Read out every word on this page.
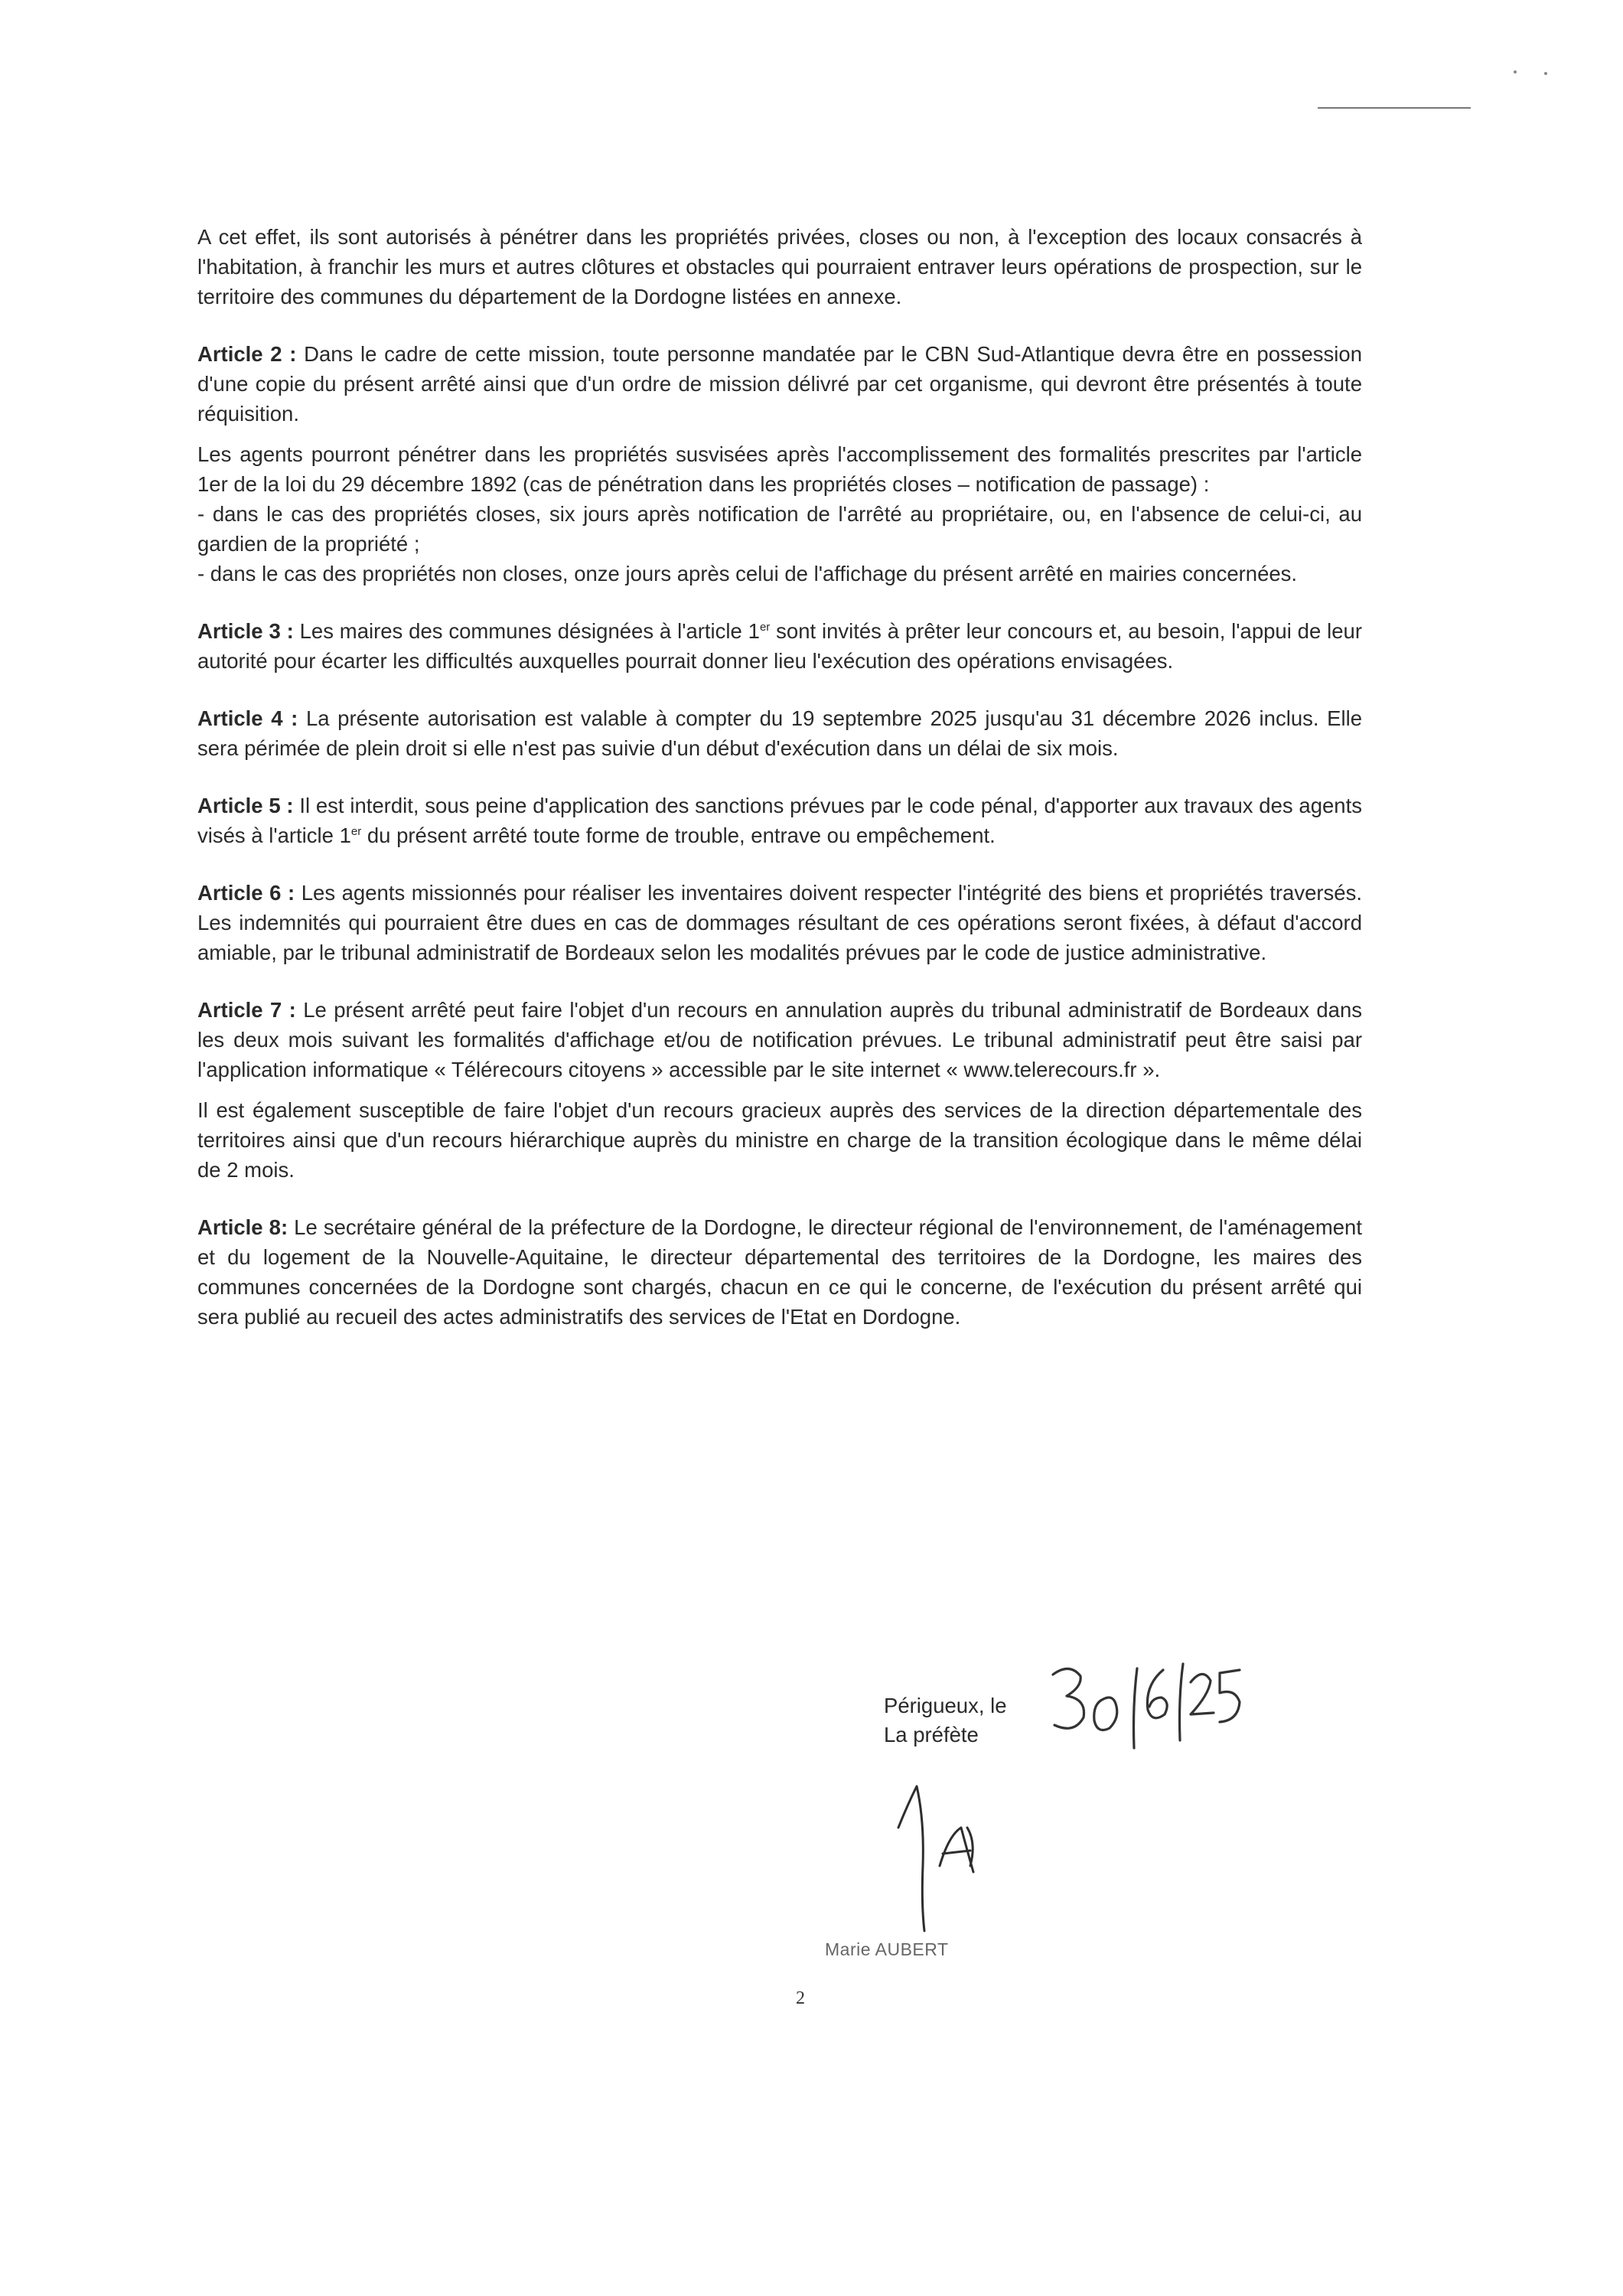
A cet effet, ils sont autorisés à pénétrer dans les propriétés privées, closes ou non, à l'exception des locaux consacrés à l'habitation, à franchir les murs et autres clôtures et obstacles qui pourraient entraver leurs opérations de prospection, sur le territoire des communes du département de la Dordogne listées en annexe.

Article 2 : Dans le cadre de cette mission, toute personne mandatée par le CBN Sud-Atlantique devra être en possession d'une copie du présent arrêté ainsi que d'un ordre de mission délivré par cet organisme, qui devront être présentés à toute réquisition.

Les agents pourront pénétrer dans les propriétés susvisées après l'accomplissement des formalités prescrites par l'article 1er de la loi du 29 décembre 1892 (cas de pénétration dans les propriétés closes – notification de passage) :

- dans le cas des propriétés closes, six jours après notification de l'arrêté au propriétaire, ou, en l'absence de celui-ci, au gardien de la propriété ;

- dans le cas des propriétés non closes, onze jours après celui de l'affichage du présent arrêté en mairies concernées.

Article 3 : Les maires des communes désignées à l'article 1er sont invités à prêter leur concours et, au besoin, l'appui de leur autorité pour écarter les difficultés auxquelles pourrait donner lieu l'exécution des opérations envisagées.

Article 4 : La présente autorisation est valable à compter du 19 septembre 2025 jusqu'au 31 décembre 2026 inclus. Elle sera périmée de plein droit si elle n'est pas suivie d'un début d'exécution dans un délai de six mois.

Article 5 : Il est interdit, sous peine d'application des sanctions prévues par le code pénal, d'apporter aux travaux des agents visés à l'article 1er du présent arrêté toute forme de trouble, entrave ou empêchement.

Article 6 : Les agents missionnés pour réaliser les inventaires doivent respecter l'intégrité des biens et propriétés traversés. Les indemnités qui pourraient être dues en cas de dommages résultant de ces opérations seront fixées, à défaut d'accord amiable, par le tribunal administratif de Bordeaux selon les modalités prévues par le code de justice administrative.

Article 7 : Le présent arrêté peut faire l'objet d'un recours en annulation auprès du tribunal administratif de Bordeaux dans les deux mois suivant les formalités d'affichage et/ou de notification prévues. Le tribunal administratif peut être saisi par l'application informatique « Télérecours citoyens » accessible par le site internet « www.telerecours.fr ».

Il est également susceptible de faire l'objet d'un recours gracieux auprès des services de la direction départementale des territoires ainsi que d'un recours hiérarchique auprès du ministre en charge de la transition écologique dans le même délai de 2 mois.

Article 8: Le secrétaire général de la préfecture de la Dordogne, le directeur régional de l'environnement, de l'aménagement et du logement de la Nouvelle-Aquitaine, le directeur départemental des territoires de la Dordogne, les maires des communes concernées de la Dordogne sont chargés, chacun en ce qui le concerne, de l'exécution du présent arrêté qui sera publié au recueil des actes administratifs des services de l'Etat en Dordogne.

Périgueux, le
La préfète
Marie AUBERT
2
